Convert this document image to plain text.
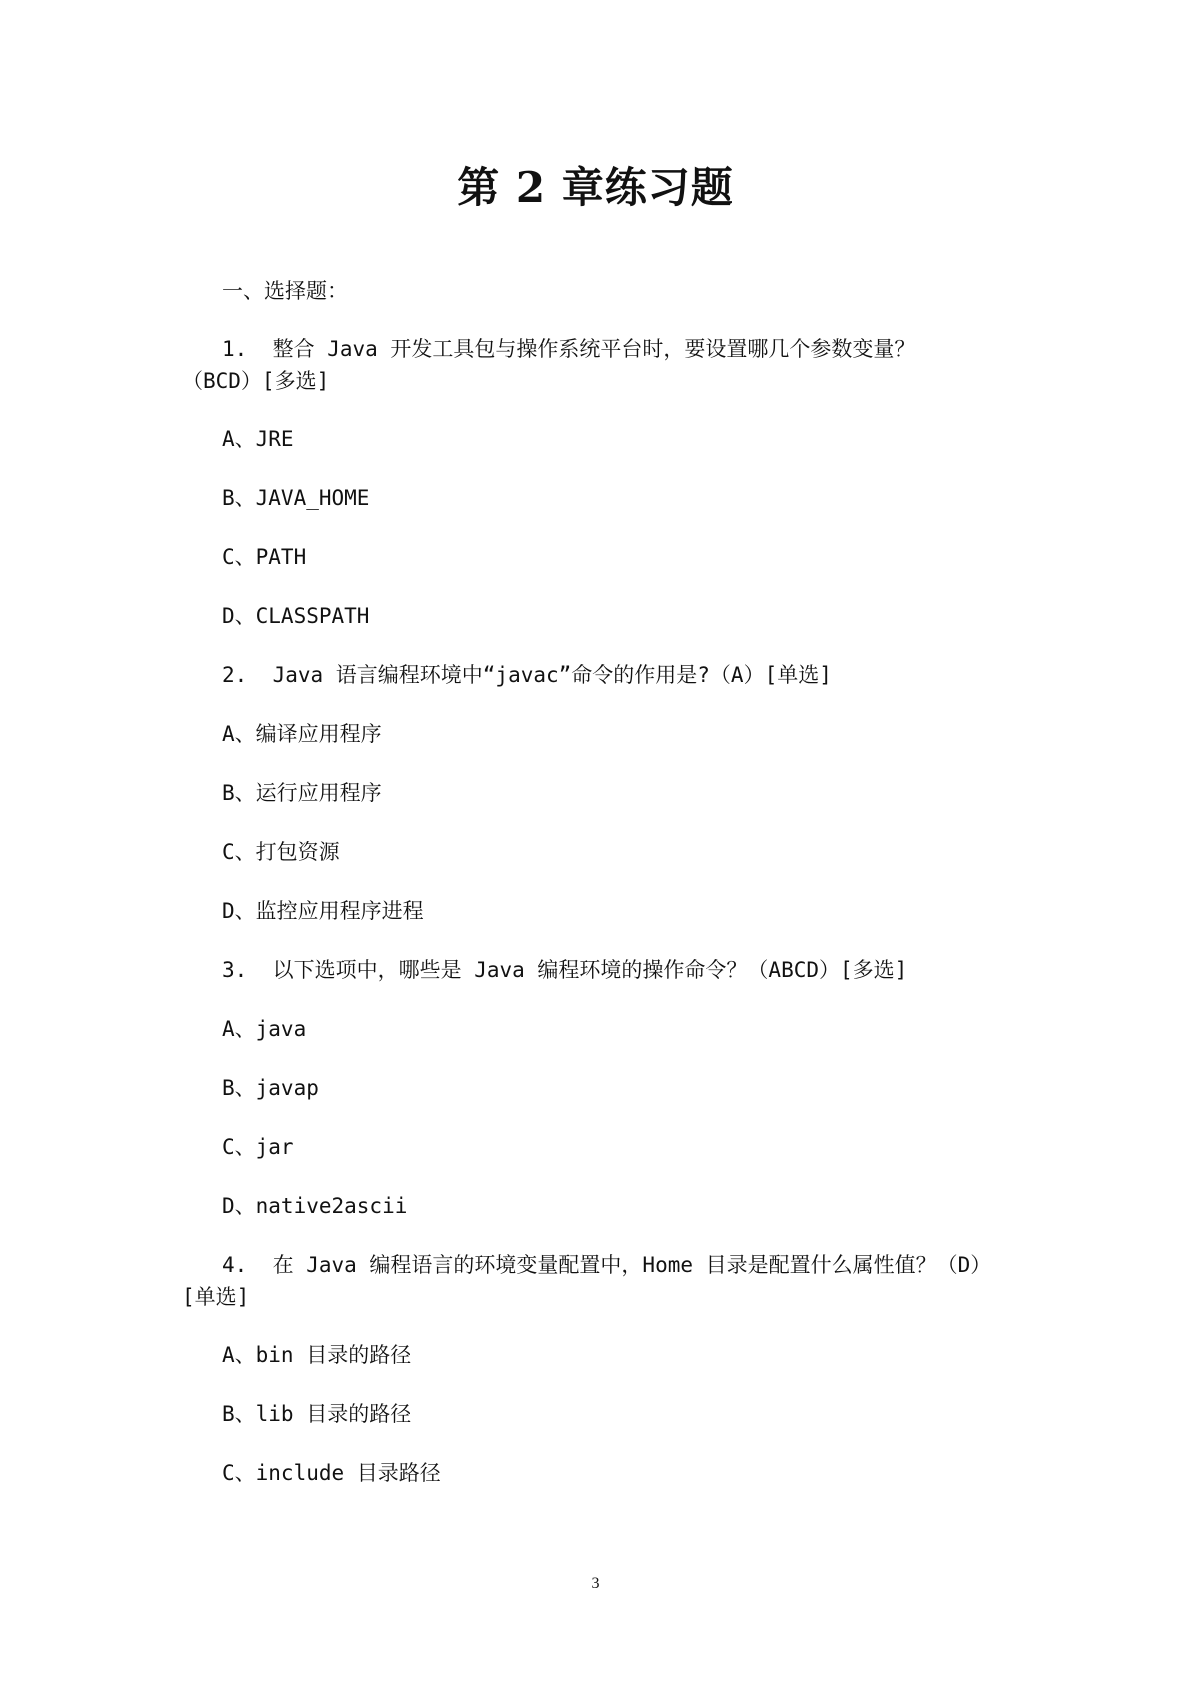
第 2 章练习题
一、选择题：
1.  整合 Java 开发工具包与操作系统平台时，要设置哪几个参数变量？
（BCD）[多选]
A、JRE
B、JAVA_HOME
C、PATH
D、CLASSPATH
2.  Java 语言编程环境中“javac”命令的作用是?（A）[单选]
A、编译应用程序
B、运行应用程序
C、打包资源
D、监控应用程序进程
3.  以下选项中，哪些是 Java 编程环境的操作命令？（ABCD）[多选]
A、java
B、javap
C、jar
D、native2ascii
4.  在 Java 编程语言的环境变量配置中，Home 目录是配置什么属性值？（D）
[单选]
A、bin 目录的路径
B、lib 目录的路径
C、include 目录路径
3
